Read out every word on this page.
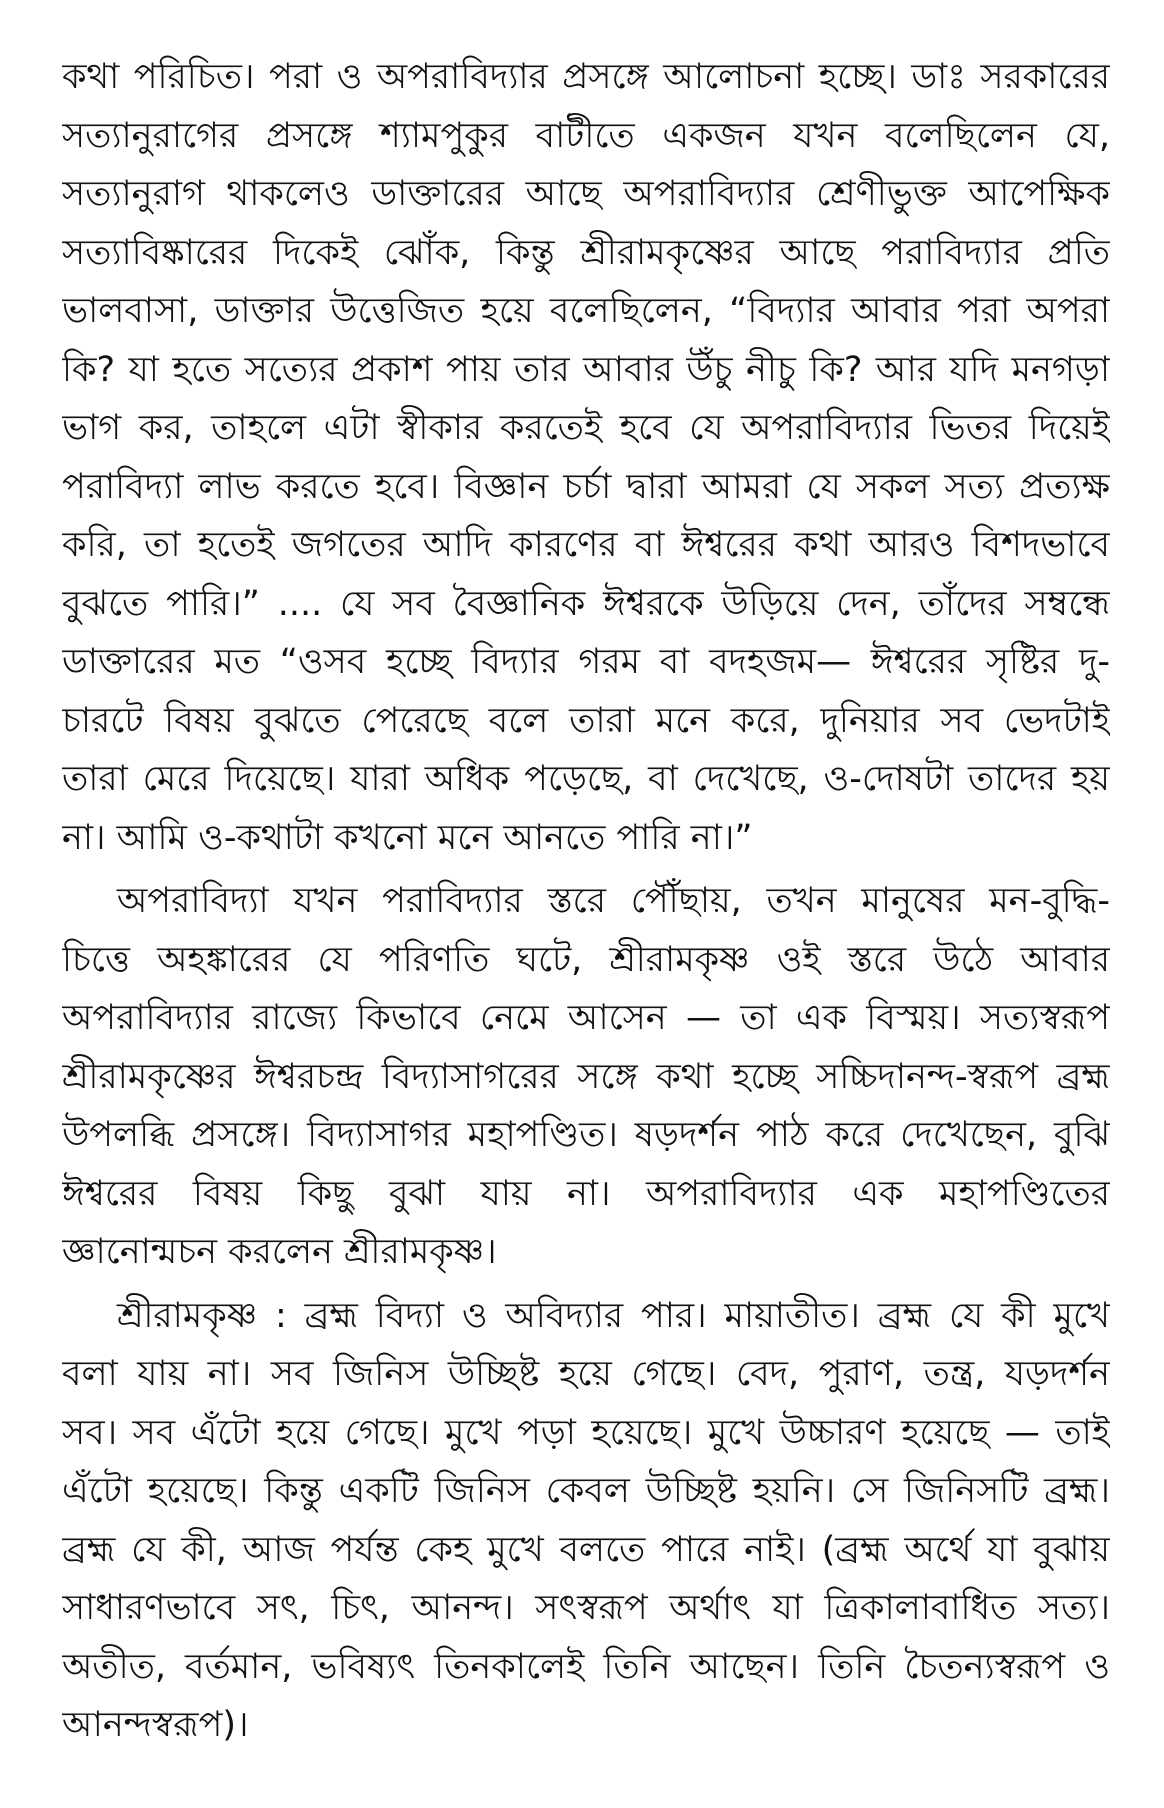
কথা পরিচিত। পরা ও অপরাবিদ্যার প্রসঙ্গে আলোচনা হচ্ছে। ডাঃ সরকারের
সত্যানুরাগের প্রসঙ্গে শ্যামপুকুর বাটীতে একজন যখন বলেছিলেন যে,
সত্যানুরাগ থাকলেও ডাক্তারের আছে অপরাবিদ্যার শ্রেণীভুক্ত আপেক্ষিক
সত্যাবিষ্কারের দিকেই ঝোঁক, কিন্তু শ্রীরামকৃষ্ণের আছে পরাবিদ্যার প্রতি
ভালবাসা, ডাক্তার উত্তেজিত হয়ে বলেছিলেন, “বিদ্যার আবার পরা অপরা
কি? যা হতে সত্যের প্রকাশ পায় তার আবার উঁচু নীচু কি? আর যদি মনগড়া
ভাগ কর, তাহলে এটা স্বীকার করতেই হবে যে অপরাবিদ্যার ভিতর দিয়েই
পরাবিদ্যা লাভ করতে হবে। বিজ্ঞান চর্চা দ্বারা আমরা যে সকল সত্য প্রত্যক্ষ
করি, তা হতেই জগতের আদি কারণের বা ঈশ্বরের কথা আরও বিশদভাবে
বুঝতে পারি।” .... যে সব বৈজ্ঞানিক ঈশ্বরকে উড়িয়ে দেন, তাঁদের সম্বন্ধে
ডাক্তারের মত “ওসব হচ্ছে বিদ্যার গরম বা বদহজম— ঈশ্বরের সৃষ্টির দু-
চারটে বিষয় বুঝতে পেরেছে বলে তারা মনে করে, দুনিয়ার সব ভেদটাই
তারা মেরে দিয়েছে। যারা অধিক পড়েছে, বা দেখেছে, ও-দোষটা তাদের হয়
না। আমি ও-কথাটা কখনো মনে আনতে পারি না।”
অপরাবিদ্যা যখন পরাবিদ্যার স্তরে পৌঁছায়, তখন মানুষের মন-বুদ্ধি-
চিত্তে অহঙ্কারের যে পরিণতি ঘটে, শ্রীরামকৃষ্ণ ওই স্তরে উঠে আবার
অপরাবিদ্যার রাজ্যে কিভাবে নেমে আসেন — তা এক বিস্ময়। সত্যস্বরূপ
শ্রীরামকৃষ্ণের ঈশ্বরচন্দ্র বিদ্যাসাগরের সঙ্গে কথা হচ্ছে সচ্চিদানন্দ-স্বরূপ ব্রহ্ম
উপলব্ধি প্রসঙ্গে। বিদ্যাসাগর মহাপণ্ডিত। ষড়দর্শন পাঠ করে দেখেছেন, বুঝি
ঈশ্বরের বিষয় কিছু বুঝা যায় না। অপরাবিদ্যার এক মহাপণ্ডিতের
জ্ঞানোন্মচন করলেন শ্রীরামকৃষ্ণ।
শ্রীরামকৃষ্ণ : ব্রহ্ম বিদ্যা ও অবিদ্যার পার। মায়াতীত। ব্রহ্ম যে কী মুখে
বলা যায় না। সব জিনিস উচ্ছিষ্ট হয়ে গেছে। বেদ, পুরাণ, তন্ত্র, যড়দর্শন
সব। সব এঁটো হয়ে গেছে। মুখে পড়া হয়েছে। মুখে উচ্চারণ হয়েছে — তাই
এঁটো হয়েছে। কিন্তু একটি জিনিস কেবল উচ্ছিষ্ট হয়নি। সে জিনিসটি ব্রহ্ম।
ব্রহ্ম যে কী, আজ পর্যন্ত কেহ মুখে বলতে পারে নাই। (ব্রহ্ম অর্থে যা বুঝায়
সাধারণভাবে সৎ, চিৎ, আনন্দ। সৎস্বরূপ অর্থাৎ যা ত্রিকালাবাধিত সত্য।
অতীত, বর্তমান, ভবিষ্যৎ তিনকালেই তিনি আছেন। তিনি চৈতন্যস্বরূপ ও
আনন্দস্বরূপ)।
